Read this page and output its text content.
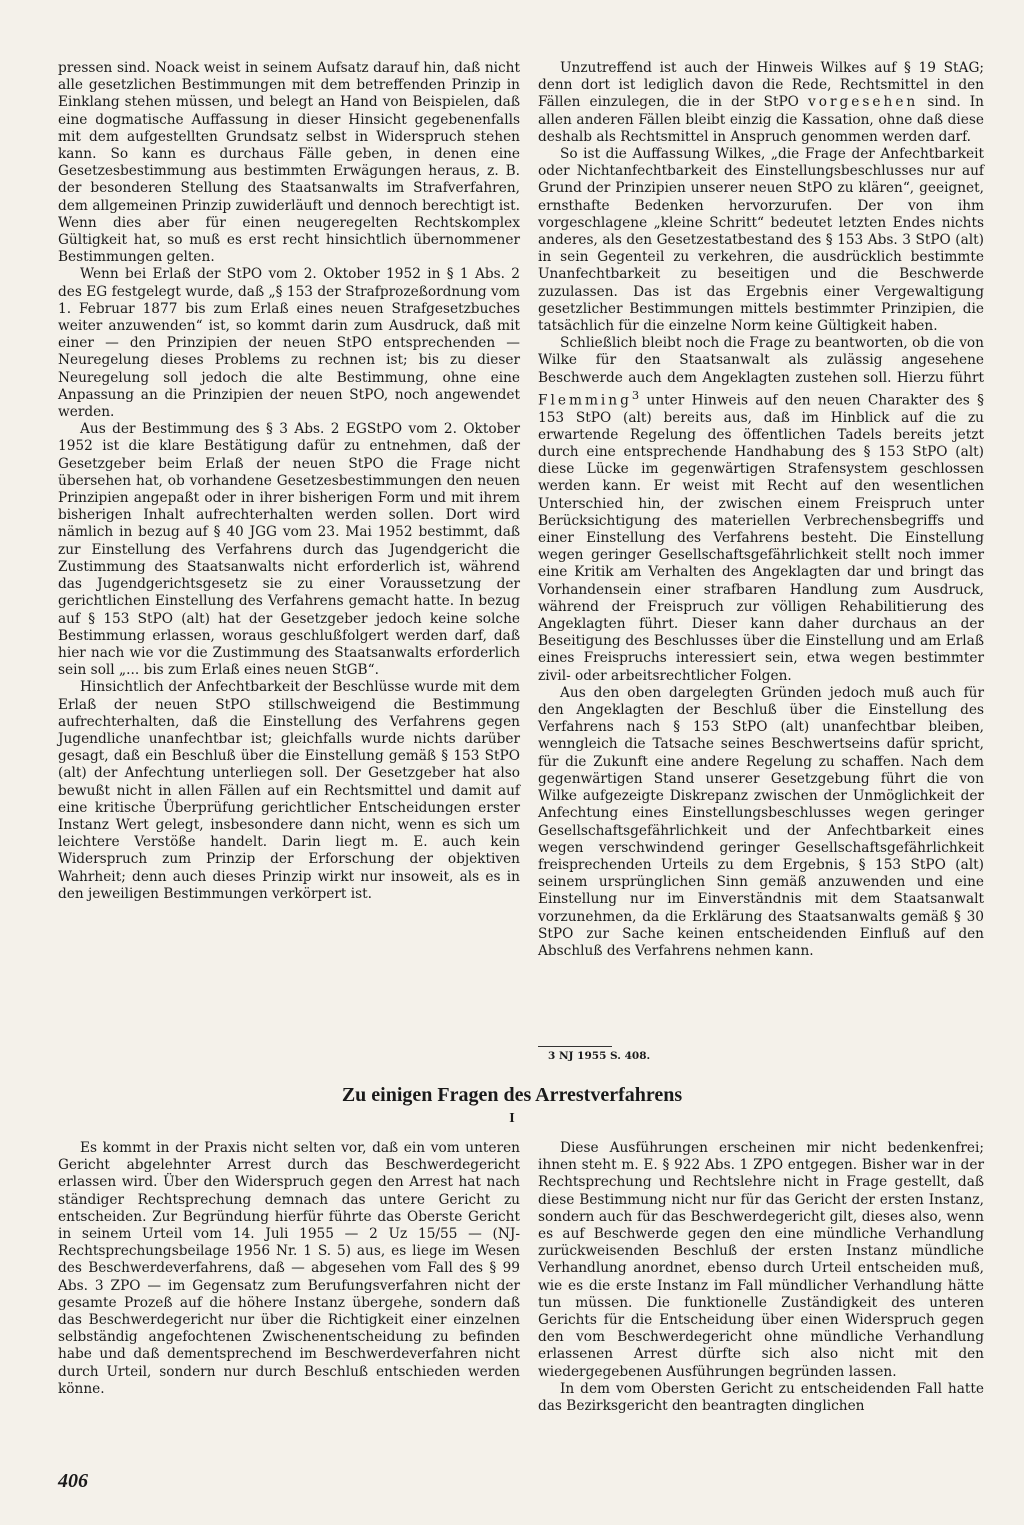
pressen sind. Noack weist in seinem Aufsatz darauf hin, daß nicht alle gesetzlichen Bestimmungen mit dem betreffenden Prinzip in Einklang stehen müssen, und belegt an Hand von Beispielen, daß eine dogmatische Auffassung in dieser Hinsicht gegebenenfalls mit dem aufgestellten Grundsatz selbst in Widerspruch stehen kann. So kann es durchaus Fälle geben, in denen eine Gesetzesbestimmung aus bestimmten Erwägungen heraus, z. B. der besonderen Stellung des Staatsanwalts im Strafverfahren, dem allgemeinen Prinzip zuwiderläuft und dennoch berechtigt ist. Wenn dies aber für einen neugeregelten Rechtskomplex Gültigkeit hat, so muß es erst recht hinsichtlich übernommener Bestimmungen gelten.

Wenn bei Erlaß der StPO vom 2. Oktober 1952 in § 1 Abs. 2 des EG festgelegt wurde, daß „§ 153 der Strafprozeßordnung vom 1. Februar 1877 bis zum Erlaß eines neuen Strafgesetzbuches weiter anzuwenden“ ist, so kommt darin zum Ausdruck, daß mit einer — den Prinzipien der neuen StPO entsprechenden — Neuregelung dieses Problems zu rechnen ist; bis zu dieser Neuregelung soll jedoch die alte Bestimmung, ohne eine Anpassung an die Prinzipien der neuen StPO, noch angewendet werden.

Aus der Bestimmung des § 3 Abs. 2 EGStPO vom 2. Oktober 1952 ist die klare Bestätigung dafür zu entnehmen, daß der Gesetzgeber beim Erlaß der neuen StPO die Frage nicht übersehen hat, ob vorhandene Gesetzesbestimmungen den neuen Prinzipien angepaßt oder in ihrer bisherigen Form und mit ihrem bisherigen Inhalt aufrechterhalten werden sollen. Dort wird nämlich in bezug auf § 40 JGG vom 23. Mai 1952 bestimmt, daß zur Einstellung des Verfahrens durch das Jugendgericht die Zustimmung des Staatsanwalts nicht erforderlich ist, während das Jugendgerichtsgesetz sie zu einer Voraussetzung der gerichtlichen Einstellung des Verfahrens gemacht hatte. In bezug auf § 153 StPO (alt) hat der Gesetzgeber jedoch keine solche Bestimmung erlassen, woraus geschlußfolgert werden darf, daß hier nach wie vor die Zustimmung des Staatsanwalts erforderlich sein soll „... bis zum Erlaß eines neuen StGB“.

Hinsichtlich der Anfechtbarkeit der Beschlüsse wurde mit dem Erlaß der neuen StPO stillschweigend die Bestimmung aufrechterhalten, daß die Einstellung des Verfahrens gegen Jugendliche unanfechtbar ist; gleichfalls wurde nichts darüber gesagt, daß ein Beschluß über die Einstellung gemäß § 153 StPO (alt) der Anfechtung unterliegen soll. Der Gesetzgeber hat also bewußt nicht in allen Fällen auf ein Rechtsmittel und damit auf eine kritische Überprüfung gerichtlicher Entscheidungen erster Instanz Wert gelegt, insbesondere dann nicht, wenn es sich um leichtere Verstöße handelt. Darin liegt m. E. auch kein Widerspruch zum Prinzip der Erforschung der objektiven Wahrheit; denn auch dieses Prinzip wirkt nur insoweit, als es in den jeweiligen Bestimmungen verkörpert ist.

Unzutreffend ist auch der Hinweis Wilkes auf § 19 StAG; denn dort ist lediglich davon die Rede, Rechtsmittel in den Fällen einzulegen, die in der StPO vorgesehen sind. In allen anderen Fällen bleibt einzig die Kassation, ohne daß diese deshalb als Rechtsmittel in Anspruch genommen werden darf.

So ist die Auffassung Wilkes, „die Frage der Anfechtbarkeit oder Nichtanfechtbarkeit des Einstellungsbeschlusses nur auf Grund der Prinzipien unserer neuen StPO zu klären“, geeignet, ernsthafte Bedenken hervorzurufen. Der von ihm vorgeschlagene „kleine Schritt“ bedeutet letzten Endes nichts anderes, als den Gesetzestatbestand des § 153 Abs. 3 StPO (alt) in sein Gegenteil zu verkehren, die ausdrücklich bestimmte Unanfechtbarkeit zu beseitigen und die Beschwerde zuzulassen. Das ist das Ergebnis einer Vergewaltigung gesetzlicher Bestimmungen mittels bestimmter Prinzipien, die tatsächlich für die einzelne Norm keine Gültigkeit haben.

Schließlich bleibt noch die Frage zu beantworten, ob die von Wilke für den Staatsanwalt als zulässig angesehene Beschwerde auch dem Angeklagten zustehen soll. Hierzu führt Flemming$^3$ unter Hinweis auf den neuen Charakter des § 153 StPO (alt) bereits aus, daß im Hinblick auf die zu erwartende Regelung des öffentlichen Tadels bereits jetzt durch eine entsprechende Handhabung des § 153 StPO (alt) diese Lücke im gegenwärtigen Strafensystem geschlossen werden kann. Er weist mit Recht auf den wesentlichen Unterschied hin, der zwischen einem Freispruch unter Berücksichtigung des materiellen Verbrechensbegriffs und einer Einstellung des Verfahrens besteht. Die Einstellung wegen geringer Gesellschaftsgefährlichkeit stellt noch immer eine Kritik am Verhalten des Angeklagten dar und bringt das Vorhandensein einer strafbaren Handlung zum Ausdruck, während der Freispruch zur völligen Rehabilitierung des Angeklagten führt. Dieser kann daher durchaus an der Beseitigung des Beschlusses über die Einstellung und am Erlaß eines Freispruchs interessiert sein, etwa wegen bestimmter zivil- oder arbeitsrechtlicher Folgen.

Aus den oben dargelegten Gründen jedoch muß auch für den Angeklagten der Beschluß über die Einstellung des Verfahrens nach § 153 StPO (alt) unanfechtbar bleiben, wenngleich die Tatsache seines Beschwertseins dafür spricht, für die Zukunft eine andere Regelung zu schaffen. Nach dem gegenwärtigen Stand unserer Gesetzgebung führt die von Wilke aufgezeigte Diskrepanz zwischen der Unmöglichkeit der Anfechtung eines Einstellungsbeschlusses wegen geringer Gesellschaftsgefährlichkeit und der Anfechtbarkeit eines wegen verschwindend geringer Gesellschaftsgefährlichkeit freisprechenden Urteils zu dem Ergebnis, § 153 StPO (alt) seinem ursprünglichen Sinn gemäß anzuwenden und eine Einstellung nur im Einverständnis mit dem Staatsanwalt vorzunehmen, da die Erklärung des Staatsanwalts gemäß § 30 StPO zur Sache keinen entscheidenden Einfluß auf den Abschluß des Verfahrens nehmen kann.

3 NJ 1955 S. 408.
Zu einigen Fragen des Arrestverfahrens
I

Es kommt in der Praxis nicht selten vor, daß ein vom unteren Gericht abgelehnter Arrest durch das Beschwerdegericht erlassen wird. Über den Widerspruch gegen den Arrest hat nach ständiger Rechtsprechung demnach das untere Gericht zu entscheiden. Zur Begründung hierfür führte das Oberste Gericht in seinem Urteil vom 14. Juli 1955 — 2 Uz 15/55 — (NJ-Rechtsprechungsbeilage 1956 Nr. 1 S. 5) aus, es liege im Wesen des Beschwerdeverfahrens, daß — abgesehen vom Fall des § 99 Abs. 3 ZPO — im Gegensatz zum Berufungsverfahren nicht der gesamte Prozeß auf die höhere Instanz übergehe, sondern daß das Beschwerdegericht nur über die Richtigkeit einer einzelnen selbständig angefochtenen Zwischenentscheidung zu befinden habe und daß dementsprechend im Beschwerdeverfahren nicht durch Urteil, sondern nur durch Beschluß entschieden werden könne.

Diese Ausführungen erscheinen mir nicht bedenkenfrei; ihnen steht m. E. § 922 Abs. 1 ZPO entgegen. Bisher war in der Rechtsprechung und Rechtslehre nicht in Frage gestellt, daß diese Bestimmung nicht nur für das Gericht der ersten Instanz, sondern auch für das Beschwerdegericht gilt, dieses also, wenn es auf Beschwerde gegen den eine mündliche Verhandlung zurückweisenden Beschluß der ersten Instanz mündliche Verhandlung anordnet, ebenso durch Urteil entscheiden muß, wie es die erste Instanz im Fall mündlicher Verhandlung hätte tun müssen. Die funktionelle Zuständigkeit des unteren Gerichts für die Entscheidung über einen Widerspruch gegen den vom Beschwerdegericht ohne mündliche Verhandlung erlassenen Arrest dürfte sich also nicht mit den wiedergegebenen Ausführungen begründen lassen.

In dem vom Obersten Gericht zu entscheidenden Fall hatte das Bezirksgericht den beantragten dinglichen

406
